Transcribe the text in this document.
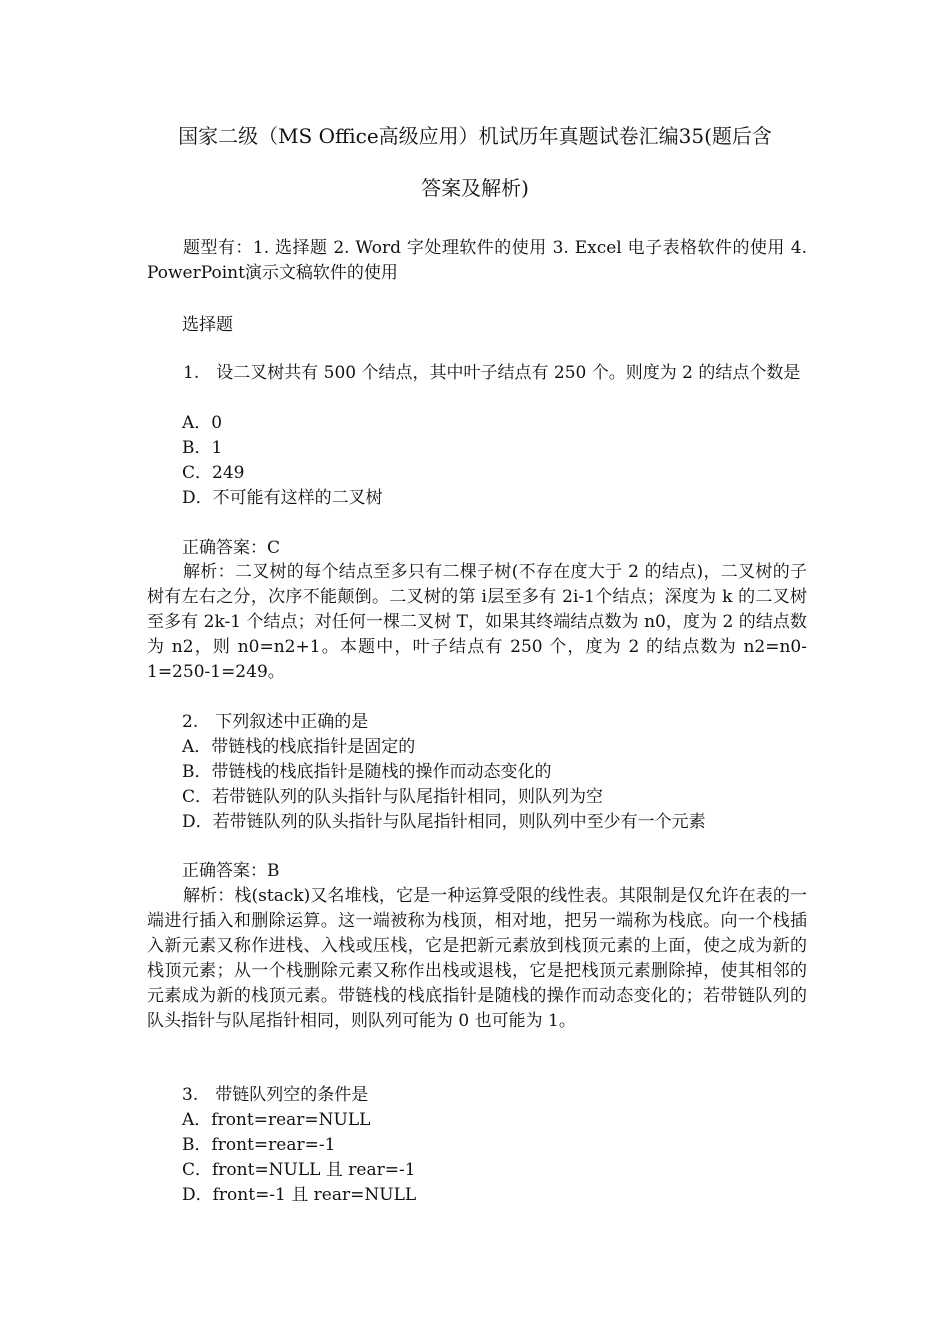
国家二级（MS Office高级应用）机试历年真题试卷汇编35(题后含
答案及解析)
题型有：1. 选择题 2. Word 字处理软件的使用 3. Excel 电子表格软件的使用 4. PowerPoint演示文稿软件的使用
选择题
1.　设二叉树共有 500 个结点，其中叶子结点有 250 个。则度为 2 的结点个数是
A．0
B．1
C．249
D．不可能有这样的二叉树
正确答案：C
解析：二叉树的每个结点至多只有二棵子树(不存在度大于 2 的结点)，二叉树的子树有左右之分，次序不能颠倒。二叉树的第 i层至多有 2i-1个结点；深度为 k 的二叉树至多有 2k-1 个结点；对任何一棵二叉树 T，如果其终端结点数为 n0，度为 2 的结点数为 n2，则 n0=n2+1。本题中，叶子结点有 250 个，度为 2 的结点数为 n2=n0-1=250-1=249。
2.　下列叙述中正确的是
A．带链栈的栈底指针是固定的
B．带链栈的栈底指针是随栈的操作而动态变化的
C．若带链队列的队头指针与队尾指针相同，则队列为空
D．若带链队列的队头指针与队尾指针相同，则队列中至少有一个元素
正确答案：B
解析：栈(stack)又名堆栈，它是一种运算受限的线性表。其限制是仅允许在表的一端进行插入和删除运算。这一端被称为栈顶，相对地，把另一端称为栈底。向一个栈插入新元素又称作进栈、入栈或压栈，它是把新元素放到栈顶元素的上面，使之成为新的栈顶元素；从一个栈删除元素又称作出栈或退栈，它是把栈顶元素删除掉，使其相邻的元素成为新的栈顶元素。带链栈的栈底指针是随栈的操作而动态变化的；若带链队列的队头指针与队尾指针相同，则队列可能为 0 也可能为 1。
3.　带链队列空的条件是
A．front=rear=NULL
B．front=rear=-1
C．front=NULL 且 rear=-1
D．front=-1 且 rear=NULL
